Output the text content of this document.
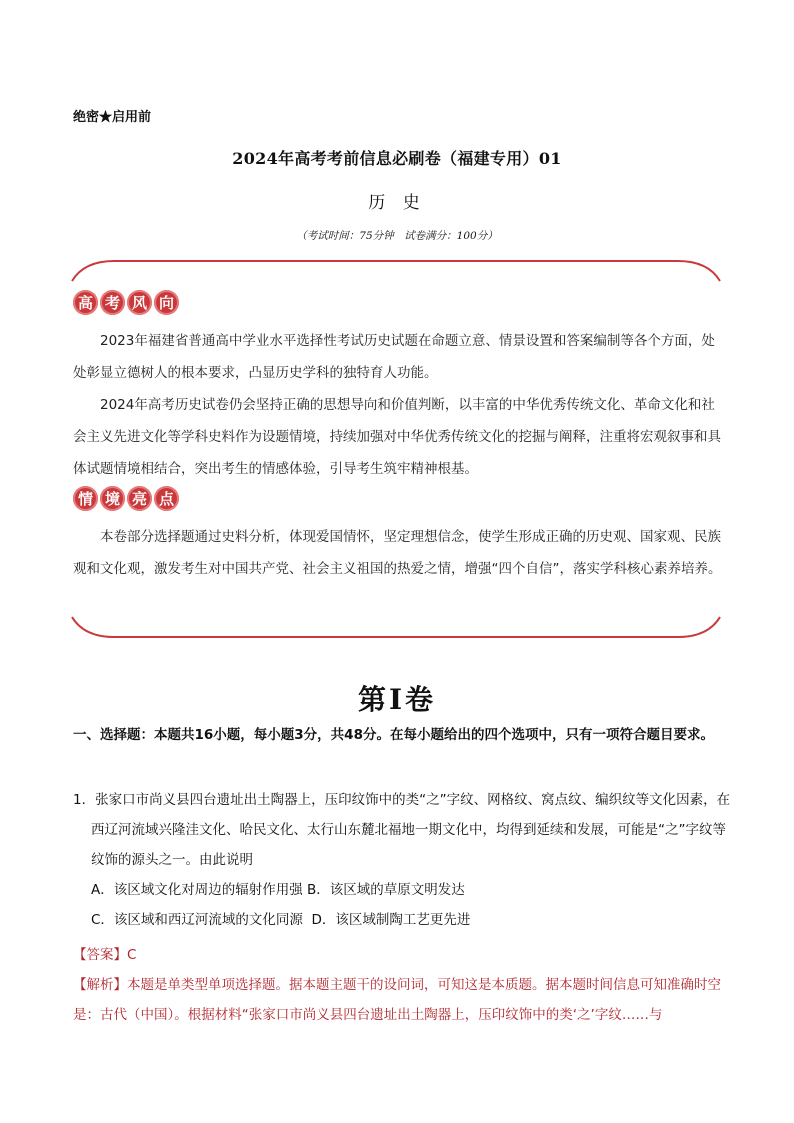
绝密★启用前
2024年高考考前信息必刷卷（福建专用）01
历 史
（考试时间：75分钟　试卷满分：100分）
高 考 风 向
2023年福建省普通高中学业水平选择性考试历史试题在命题立意、情景设置和答案编制等各个方面，处处彰显立德树人的根本要求，凸显历史学科的独特育人功能。
2024年高考历史试卷仍会坚持正确的思想导向和价值判断，以丰富的中华优秀传统文化、革命文化和社会主义先进文化等学科史料作为设题情境，持续加强对中华优秀传统文化的挖掘与阐释，注重将宏观叙事和具体试题情境相结合，突出考生的情感体验，引导考生筑牢精神根基。
情 境 亮 点
本卷部分选择题通过史料分析，体现爱国情怀，坚定理想信念，使学生形成正确的历史观、国家观、民族观和文化观，激发考生对中国共产党、社会主义祖国的热爱之情，增强“四个自信”，落实学科核心素养培养。
第I卷
一、选择题：本题共16小题，每小题3分，共48分。在每小题给出的四个选项中，只有一项符合题目要求。
1．张家口市尚义县四台遗址出土陶器上，压印纹饰中的类“之”字纹、网格纹、窝点纹、编织纹等文化因素，在西辽河流域兴隆洼文化、哈民文化、太行山东麓北福地一期文化中，均得到延续和发展，可能是“之”字纹等纹饰的源头之一。由此说明
A．该区域文化对周边的辐射作用强 B．该区域的草原文明发达
C．该区域和西辽河流域的文化同源 D．该区域制陶工艺更先进
【答案】C
【解析】本题是单类型单项选择题。据本题主题干的设问词，可知这是本质题。据本题时间信息可知准确时空是：古代（中国）。根据材料“张家口市尚义县四台遗址出土陶器上，压印纹饰中的类‘之’字纹……与
